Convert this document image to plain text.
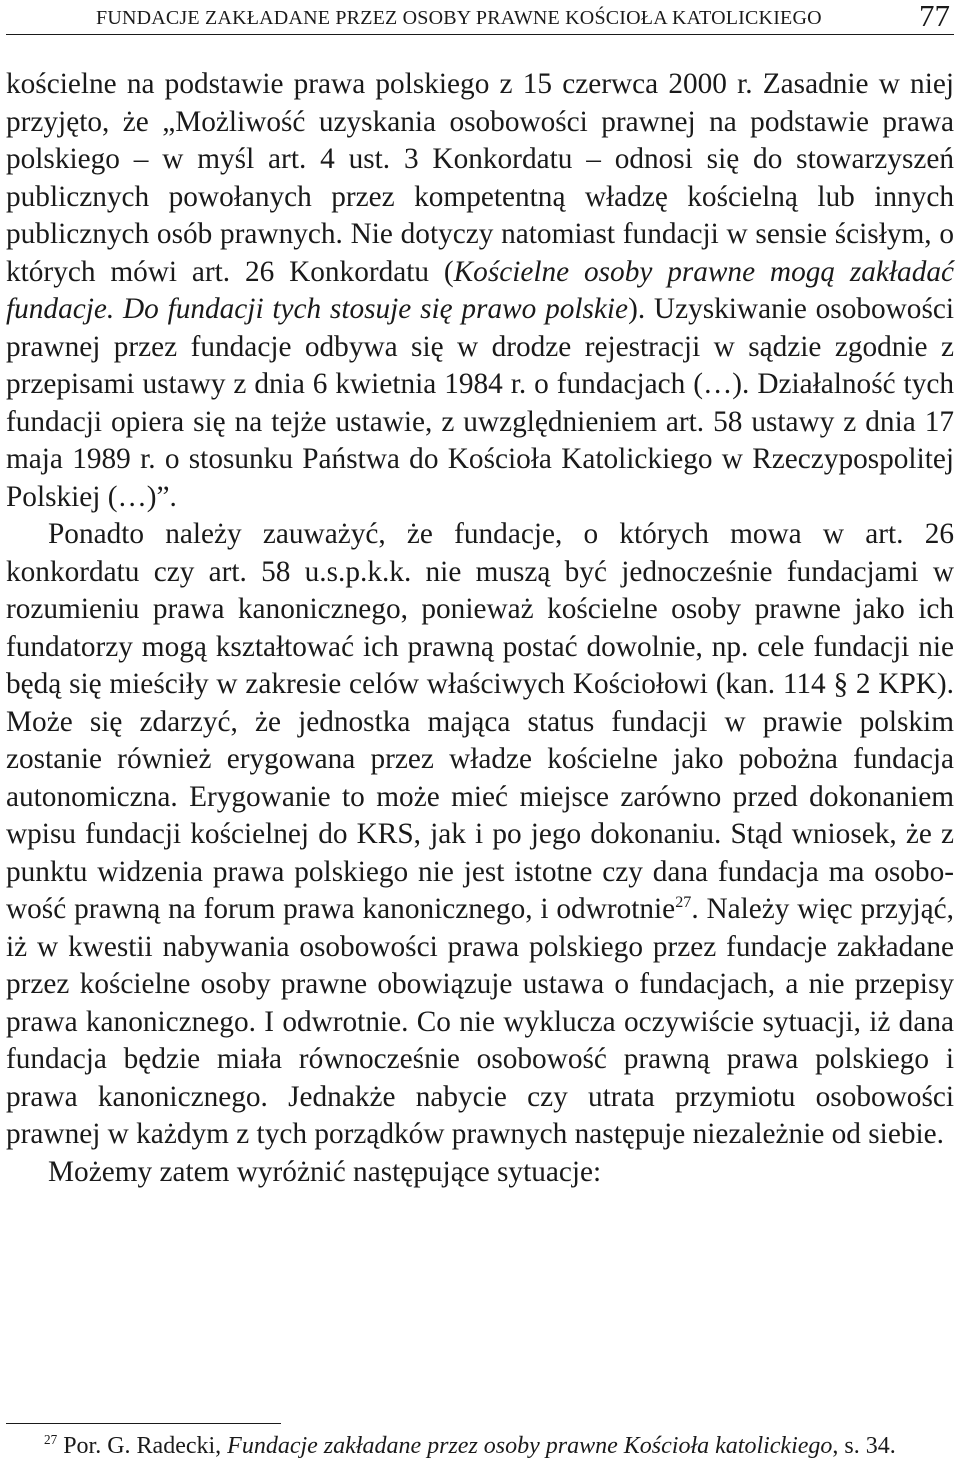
FUNDACJE ZAKŁADANE PRZEZ OSOBY PRAWNE KOŚCIOŁA KATOLICKIEGO	77

kościelne na podstawie prawa polskiego z 15 czerwca 2000 r. Zasadnie w niej przyjęto, że „Możliwość uzyskania osobowości prawnej na podstawie prawa polskiego – w myśl art. 4 ust. 3 Konkordatu – odnosi się do stowarzyszeń publicznych powołanych przez kompetentną władzę kościelną lub innych publicznych osób prawnych. Nie dotyczy natomiast fundacji w sensie ścisłym, o których mówi art. 26 Konkordatu (Kościelne osoby prawne mogą zakładać fundacje. Do fundacji tych stosuje się prawo polskie). Uzyskiwanie osobowości prawnej przez fundacje odbywa się w drodze rejestracji w sądzie zgodnie z przepisami ustawy z dnia 6 kwietnia 1984 r. o fundacjach (…). Działalność tych fundacji opiera się na tejże ustawie, z uwzględnieniem art. 58 ustawy z dnia 17 maja 1989 r. o stosunku Państwa do Kościoła Katolickiego w Rzeczypospolitej Polskiej (…)”.

Ponadto należy zauważyć, że fundacje, o których mowa w art. 26 konkordatu czy art. 58 u.s.p.k.k. nie muszą być jednocześnie fundacjami w rozumieniu prawa kanonicznego, ponieważ kościelne osoby prawne jako ich fundatorzy mogą kształtować ich prawną postać dowolnie, np. cele fundacji nie będą się mieściły w zakresie celów właściwych Kościołowi (kan. 114 § 2 KPK). Może się zdarzyć, że jednostka mająca status fundacji w prawie polskim zostanie również erygowana przez władze kościelne jako pobożna fundacja autonomiczna. Erygowanie to może mieć miejsce zarówno przed dokonaniem wpisu fundacji kościelnej do KRS, jak i po jego dokonaniu. Stąd wniosek, że z punktu widzenia prawa polskiego nie jest istotne czy dana fundacja ma osobowość prawną na forum prawa kanonicznego, i odwrotnie$^{27}$. Należy więc przyjąć, iż w kwestii nabywania osobowości prawa polskiego przez fundacje zakładane przez kościelne osoby prawne obowiązuje ustawa o fundacjach, a nie przepisy prawa kanonicznego. I odwrotnie. Co nie wyklucza oczywiście sytuacji, iż dana fundacja będzie miała równocześnie osobowość prawną prawa polskiego i prawa kanonicznego. Jednakże nabycie czy utrata przymiotu osobowości prawnej w każdym z tych porządków prawnych następuje niezależnie od siebie.

Możemy zatem wyróżnić następujące sytuacje:

$^{27}$ Por. G. Radecki, Fundacje zakładane przez osoby prawne Kościoła katolickiego, s. 34.
